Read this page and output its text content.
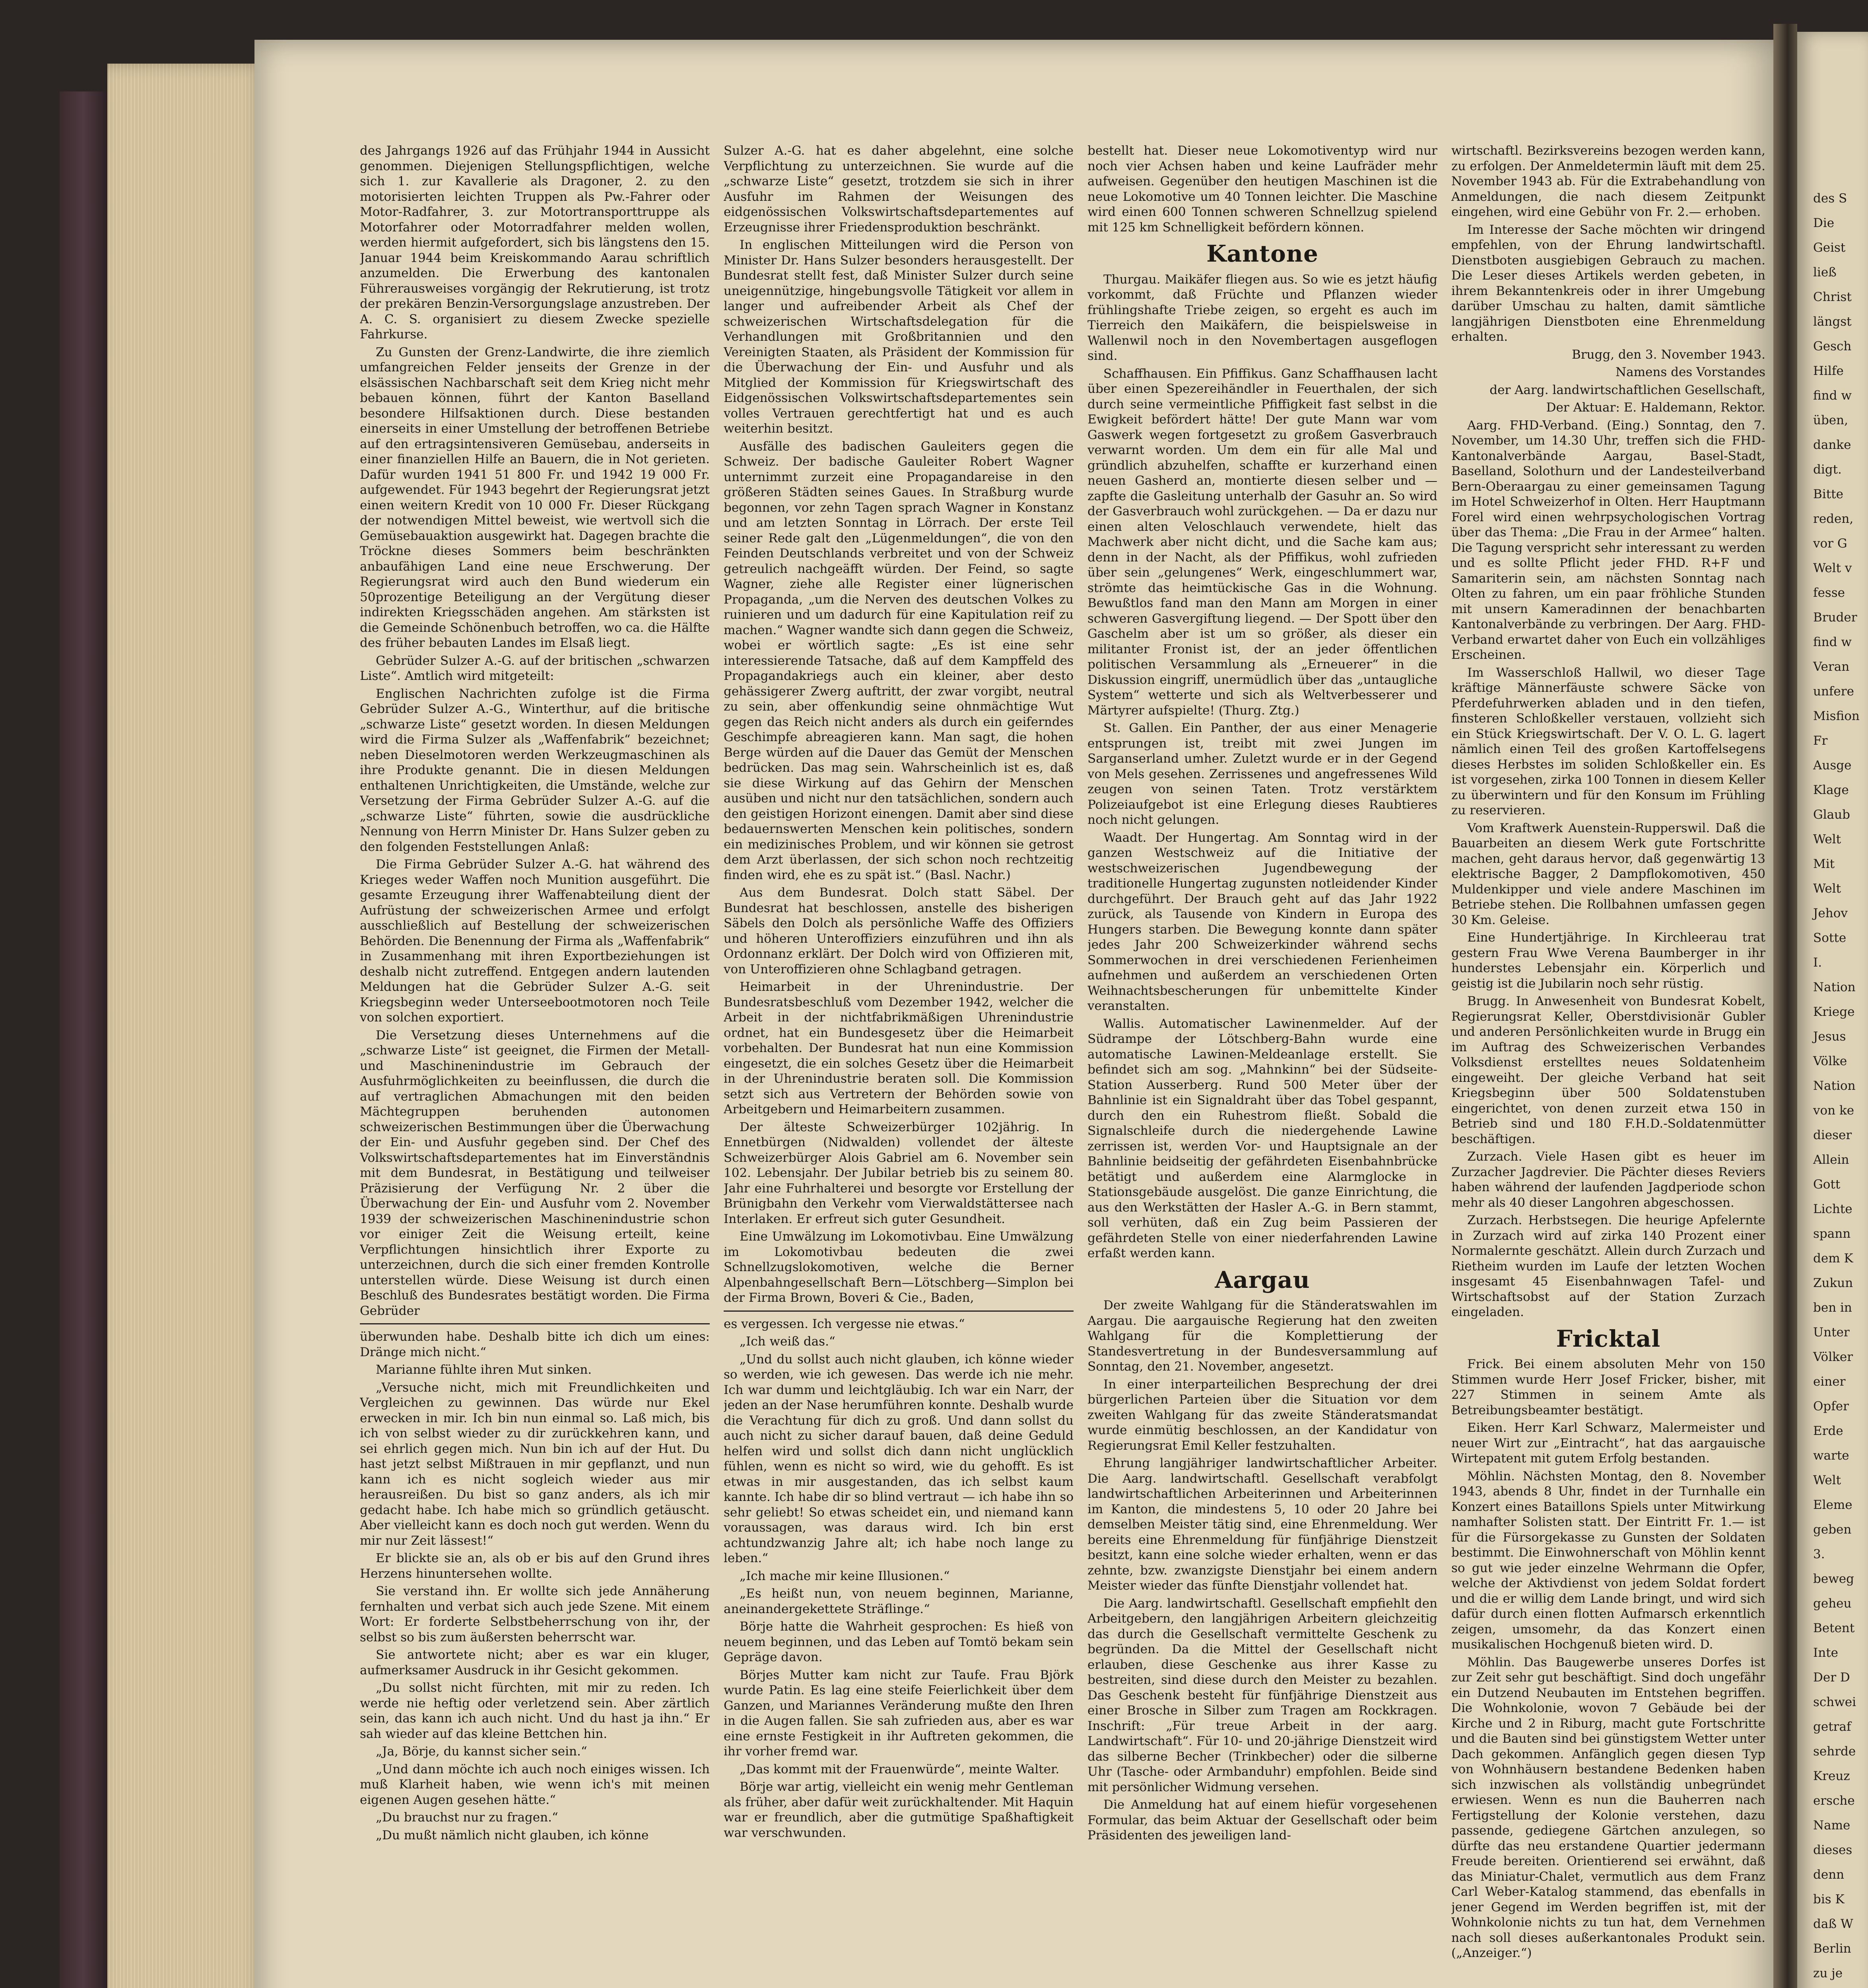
des Jahrgangs 1926 auf das Frühjahr 1944 in Aussicht genommen. Diejenigen Stellungspflichtigen, welche sich 1. zur Kavallerie als Dragoner, 2. zu den motorisierten leichten Truppen als Pw.-Fahrer oder Motor-Radfahrer, 3. zur Motortransporttruppe als Motorfahrer oder Motorradfahrer melden wollen, werden hiermit aufgefordert, sich bis längstens den 15. Januar 1944 beim Kreiskommando Aarau schriftlich anzumelden. Die Erwerbung des kantonalen Führerausweises vorgängig der Rekrutierung, ist trotz der prekären Benzin-Versorgungslage anzustreben. Der A. C. S. organisiert zu diesem Zwecke spezielle Fahrkurse.

Zu Gunsten der Grenz-Landwirte, die ihre ziemlich umfangreichen Felder jenseits der Grenze in der elsässischen Nachbarschaft seit dem Krieg nicht mehr bebauen können, führt der Kanton Baselland besondere Hilfsaktionen durch. Diese bestanden einerseits in einer Umstellung der betroffenen Betriebe auf den ertragsintensiveren Gemüsebau, anderseits in einer finanziellen Hilfe an Bauern, die in Not gerieten. Dafür wurden 1941 51 800 Fr. und 1942 19 000 Fr. aufgewendet. Für 1943 begehrt der Regierungsrat jetzt einen weitern Kredit von 10 000 Fr. Dieser Rückgang der notwendigen Mittel beweist, wie wertvoll sich die Gemüsebauaktion ausgewirkt hat. Dagegen brachte die Tröckne dieses Sommers beim beschränkten anbaufähigen Land eine neue Erschwerung. Der Regierungsrat wird auch den Bund wiederum ein 50prozentige Beteiligung an der Vergütung dieser indirekten Kriegsschäden angehen. Am stärksten ist die Gemeinde Schönenbuch betroffen, wo ca. die Hälfte des früher bebauten Landes im Elsaß liegt.

Gebrüder Sulzer A.-G. auf der britischen „schwarzen Liste“. Amtlich wird mitgeteilt:

Englischen Nachrichten zufolge ist die Firma Gebrüder Sulzer A.-G., Winterthur, auf die britische „schwarze Liste“ gesetzt worden. In diesen Meldungen wird die Firma Sulzer als „Waffenfabrik“ bezeichnet; neben Dieselmotoren werden Werkzeugmaschinen als ihre Produkte genannt. Die in diesen Meldungen enthaltenen Unrichtigkeiten, die Umstände, welche zur Versetzung der Firma Gebrüder Sulzer A.-G. auf die „schwarze Liste“ führten, sowie die ausdrückliche Nennung von Herrn Minister Dr. Hans Sulzer geben zu den folgenden Feststellungen Anlaß:

Die Firma Gebrüder Sulzer A.-G. hat während des Krieges weder Waffen noch Munition ausgeführt. Die gesamte Erzeugung ihrer Waffenabteilung dient der Aufrüstung der schweizerischen Armee und erfolgt ausschließlich auf Bestellung der schweizerischen Behörden. Die Benennung der Firma als „Waffenfabrik“ in Zusammenhang mit ihren Exportbeziehungen ist deshalb nicht zutreffend. Entgegen andern lautenden Meldungen hat die Gebrüder Sulzer A.-G. seit Kriegsbeginn weder Unterseebootmotoren noch Teile von solchen exportiert.

Die Versetzung dieses Unternehmens auf die „schwarze Liste“ ist geeignet, die Firmen der Metall- und Maschinenindustrie im Gebrauch der Ausfuhrmöglichkeiten zu beeinflussen, die durch die auf vertraglichen Abmachungen mit den beiden Mächtegruppen beruhenden autonomen schweizerischen Bestimmungen über die Überwachung der Ein- und Ausfuhr gegeben sind. Der Chef des Volkswirtschaftsdepartementes hat im Einverständnis mit dem Bundesrat, in Bestätigung und teilweiser Präzisierung der Verfügung Nr. 2 über die Überwachung der Ein- und Ausfuhr vom 2. November 1939 der schweizerischen Maschinenindustrie schon vor einiger Zeit die Weisung erteilt, keine Verpflichtungen hinsichtlich ihrer Exporte zu unterzeichnen, durch die sich einer fremden Kontrolle unterstellen würde. Diese Weisung ist durch einen Beschluß des Bundesrates bestätigt worden. Die Firma Gebrüder

überwunden habe. Deshalb bitte ich dich um eines: Dränge mich nicht.“

Marianne fühlte ihren Mut sinken.

„Versuche nicht, mich mit Freundlichkeiten und Vergleichen zu gewinnen. Das würde nur Ekel erwecken in mir. Ich bin nun einmal so. Laß mich, bis ich von selbst wieder zu dir zurückkehren kann, und sei ehrlich gegen mich. Nun bin ich auf der Hut. Du hast jetzt selbst Mißtrauen in mir gepflanzt, und nun kann ich es nicht sogleich wieder aus mir herausreißen. Du bist so ganz anders, als ich mir gedacht habe. Ich habe mich so gründlich getäuscht. Aber vielleicht kann es doch noch gut werden. Wenn du mir nur Zeit lässest!“

Er blickte sie an, als ob er bis auf den Grund ihres Herzens hinuntersehen wollte.

Sie verstand ihn. Er wollte sich jede Annäherung fernhalten und verbat sich auch jede Szene. Mit einem Wort: Er forderte Selbstbeherrschung von ihr, der selbst so bis zum äußersten beherrscht war.

Sie antwortete nicht; aber es war ein kluger, aufmerksamer Ausdruck in ihr Gesicht gekommen.

„Du sollst nicht fürchten, mit mir zu reden. Ich werde nie heftig oder verletzend sein. Aber zärtlich sein, das kann ich auch nicht. Und du hast ja ihn.“ Er sah wieder auf das kleine Bettchen hin.

„Ja, Börje, du kannst sicher sein.“

„Und dann möchte ich auch noch einiges wissen. Ich muß Klarheit haben, wie wenn ich's mit meinen eigenen Augen gesehen hätte.“

„Du brauchst nur zu fragen.“

„Du mußt nämlich nicht glauben, ich könne

Sulzer A.-G. hat es daher abgelehnt, eine solche Verpflichtung zu unterzeichnen. Sie wurde auf die „schwarze Liste“ gesetzt, trotzdem sie sich in ihrer Ausfuhr im Rahmen der Weisungen des eidgenössischen Volkswirtschaftsdepartementes auf Erzeugnisse ihrer Friedensproduktion beschränkt.

In englischen Mitteilungen wird die Person von Minister Dr. Hans Sulzer besonders herausgestellt. Der Bundesrat stellt fest, daß Minister Sulzer durch seine uneigennützige, hingebungsvolle Tätigkeit vor allem in langer und aufreibender Arbeit als Chef der schweizerischen Wirtschaftsdelegation für die Verhandlungen mit Großbritannien und den Vereinigten Staaten, als Präsident der Kommission für die Überwachung der Ein- und Ausfuhr und als Mitglied der Kommission für Kriegswirtschaft des Eidgenössischen Volkswirtschaftsdepartementes sein volles Vertrauen gerechtfertigt hat und es auch weiterhin besitzt.

Ausfälle des badischen Gauleiters gegen die Schweiz. Der badische Gauleiter Robert Wagner unternimmt zurzeit eine Propagandareise in den größeren Städten seines Gaues. In Straßburg wurde begonnen, vor zehn Tagen sprach Wagner in Konstanz und am letzten Sonntag in Lörrach. Der erste Teil seiner Rede galt den „Lügenmeldungen“, die von den Feinden Deutschlands verbreitet und von der Schweiz getreulich nachgeäfft würden. Der Feind, so sagte Wagner, ziehe alle Register einer lügnerischen Propaganda, „um die Nerven des deutschen Volkes zu ruinieren und um dadurch für eine Kapitulation reif zu machen.“ Wagner wandte sich dann gegen die Schweiz, wobei er wörtlich sagte: „Es ist eine sehr interessierende Tatsache, daß auf dem Kampffeld des Propagandakriegs auch ein kleiner, aber desto gehässigerer Zwerg auftritt, der zwar vorgibt, neutral zu sein, aber offenkundig seine ohnmächtige Wut gegen das Reich nicht anders als durch ein geiferndes Geschimpfe abreagieren kann. Man sagt, die hohen Berge würden auf die Dauer das Gemüt der Menschen bedrücken. Das mag sein. Wahrscheinlich ist es, daß sie diese Wirkung auf das Gehirn der Menschen ausüben und nicht nur den tatsächlichen, sondern auch den geistigen Horizont einengen. Damit aber sind diese bedauernswerten Menschen kein politisches, sondern ein medizinisches Problem, und wir können sie getrost dem Arzt überlassen, der sich schon noch rechtzeitig finden wird, ehe es zu spät ist.“ (Basl. Nachr.)

Aus dem Bundesrat. Dolch statt Säbel. Der Bundesrat hat beschlossen, anstelle des bisherigen Säbels den Dolch als persönliche Waffe des Offiziers und höheren Unteroffiziers einzuführen und ihn als Ordonnanz erklärt. Der Dolch wird von Offizieren mit, von Unteroffizieren ohne Schlagband getragen.

Heimarbeit in der Uhrenindustrie. Der Bundesratsbeschluß vom Dezember 1942, welcher die Arbeit in der nichtfabrikmäßigen Uhrenindustrie ordnet, hat ein Bundesgesetz über die Heimarbeit vorbehalten. Der Bundesrat hat nun eine Kommission eingesetzt, die ein solches Gesetz über die Heimarbeit in der Uhrenindustrie beraten soll. Die Kommission setzt sich aus Vertretern der Behörden sowie von Arbeitgebern und Heimarbeitern zusammen.

Der älteste Schweizerbürger 102jährig. In Ennetbürgen (Nidwalden) vollendet der älteste Schweizerbürger Alois Gabriel am 6. November sein 102. Lebensjahr. Der Jubilar betrieb bis zu seinem 80. Jahr eine Fuhrhalterei und besorgte vor Erstellung der Brünigbahn den Verkehr vom Vierwaldstättersee nach Interlaken. Er erfreut sich guter Gesundheit.

Eine Umwälzung im Lokomotivbau. Eine Umwälzung im Lokomotivbau bedeuten die zwei Schnellzugslokomotiven, welche die Berner Alpenbahngesellschaft Bern—Lötschberg—Simplon bei der Firma Brown, Boveri & Cie., Baden,

es vergessen. Ich vergesse nie etwas.“

„Ich weiß das.“

„Und du sollst auch nicht glauben, ich könne wieder so werden, wie ich gewesen. Das werde ich nie mehr. Ich war dumm und leichtgläubig. Ich war ein Narr, der jeden an der Nase herumführen konnte. Deshalb wurde die Verachtung für dich zu groß. Und dann sollst du auch nicht zu sicher darauf bauen, daß deine Geduld helfen wird und sollst dich dann nicht unglücklich fühlen, wenn es nicht so wird, wie du gehofft. Es ist etwas in mir ausgestanden, das ich selbst kaum kannte. Ich habe dir so blind vertraut — ich habe ihn so sehr geliebt! So etwas scheidet ein, und niemand kann voraussagen, was daraus wird. Ich bin erst achtundzwanzig Jahre alt; ich habe noch lange zu leben.“

„Ich mache mir keine Illusionen.“

„Es heißt nun, von neuem beginnen, Marianne, aneinandergekettete Sträflinge.“

Börje hatte die Wahrheit gesprochen: Es hieß von neuem beginnen, und das Leben auf Tomtö bekam sein Gepräge davon.

Börjes Mutter kam nicht zur Taufe. Frau Björk wurde Patin. Es lag eine steife Feierlichkeit über dem Ganzen, und Mariannes Veränderung mußte den Ihren in die Augen fallen. Sie sah zufrieden aus, aber es war eine ernste Festigkeit in ihr Auftreten gekommen, die ihr vorher fremd war.

„Das kommt mit der Frauenwürde“, meinte Walter.

Börje war artig, vielleicht ein wenig mehr Gentleman als früher, aber dafür weit zurückhaltender. Mit Haquin war er freundlich, aber die gutmütige Spaßhaftigkeit war verschwunden.

bestellt hat. Dieser neue Lokomotiventyp wird nur noch vier Achsen haben und keine Laufräder mehr aufweisen. Gegenüber den heutigen Maschinen ist die neue Lokomotive um 40 Tonnen leichter. Die Maschine wird einen 600 Tonnen schweren Schnellzug spielend mit 125 km Schnelligkeit befördern können.

Kantone

Thurgau. Maikäfer fliegen aus. So wie es jetzt häufig vorkommt, daß Früchte und Pflanzen wieder frühlingshafte Triebe zeigen, so ergeht es auch im Tierreich den Maikäfern, die beispielsweise in Wallenwil noch in den Novembertagen ausgeflogen sind.

Schaffhausen. Ein Pfiffikus. Ganz Schaffhausen lacht über einen Spezereihändler in Feuerthalen, der sich durch seine vermeintliche Pfiffigkeit fast selbst in die Ewigkeit befördert hätte! Der gute Mann war vom Gaswerk wegen fortgesetzt zu großem Gasverbrauch verwarnt worden. Um dem ein für alle Mal und gründlich abzuhelfen, schaffte er kurzerhand einen neuen Gasherd an, montierte diesen selber und — zapfte die Gasleitung unterhalb der Gasuhr an. So wird der Gasverbrauch wohl zurückgehen. — Da er dazu nur einen alten Veloschlauch verwendete, hielt das Machwerk aber nicht dicht, und die Sache kam aus; denn in der Nacht, als der Pfiffikus, wohl zufrieden über sein „gelungenes“ Werk, eingeschlummert war, strömte das heimtückische Gas in die Wohnung. Bewußtlos fand man den Mann am Morgen in einer schweren Gasvergiftung liegend. — Der Spott über den Gaschelm aber ist um so größer, als dieser ein militanter Fronist ist, der an jeder öffentlichen politischen Versammlung als „Erneuerer“ in die Diskussion eingriff, unermüdlich über das „untaugliche System“ wetterte und sich als Weltverbesserer und Märtyrer aufspielte! (Thurg. Ztg.)

St. Gallen. Ein Panther, der aus einer Menagerie entsprungen ist, treibt mit zwei Jungen im Sarganserland umher. Zuletzt wurde er in der Gegend von Mels gesehen. Zerrissenes und angefressenes Wild zeugen von seinen Taten. Trotz verstärktem Polizeiaufgebot ist eine Erlegung dieses Raubtieres noch nicht gelungen.

Waadt. Der Hungertag. Am Sonntag wird in der ganzen Westschweiz auf die Initiative der westschweizerischen Jugendbewegung der traditionelle Hungertag zugunsten notleidender Kinder durchgeführt. Der Brauch geht auf das Jahr 1922 zurück, als Tausende von Kindern in Europa des Hungers starben. Die Bewegung konnte dann später jedes Jahr 200 Schweizerkinder während sechs Sommerwochen in drei verschiedenen Ferienheimen aufnehmen und außerdem an verschiedenen Orten Weihnachtsbescherungen für unbemittelte Kinder veranstalten.

Wallis. Automatischer Lawinenmelder. Auf der Südrampe der Lötschberg-Bahn wurde eine automatische Lawinen-Meldeanlage erstellt. Sie befindet sich am sog. „Mahnkinn“ bei der Südseite-Station Ausserberg. Rund 500 Meter über der Bahnlinie ist ein Signaldraht über das Tobel gespannt, durch den ein Ruhestrom fließt. Sobald die Signalschleife durch die niedergehende Lawine zerrissen ist, werden Vor- und Hauptsignale an der Bahnlinie beidseitig der gefährdeten Eisenbahnbrücke betätigt und außerdem eine Alarmglocke in Stationsgebäude ausgelöst. Die ganze Einrichtung, die aus den Werkstätten der Hasler A.-G. in Bern stammt, soll verhüten, daß ein Zug beim Passieren der gefährdeten Stelle von einer niederfahrenden Lawine erfaßt werden kann.

Aargau

Der zweite Wahlgang für die Ständeratswahlen im Aargau. Die aargauische Regierung hat den zweiten Wahlgang für die Komplettierung der Standesvertretung in der Bundesversammlung auf Sonntag, den 21. November, angesetzt.

In einer interparteilichen Besprechung der drei bürgerlichen Parteien über die Situation vor dem zweiten Wahlgang für das zweite Ständeratsmandat wurde einmütig beschlossen, an der Kandidatur von Regierungsrat Emil Keller festzuhalten.

Ehrung langjähriger landwirtschaftlicher Arbeiter. Die Aarg. landwirtschaftl. Gesellschaft verabfolgt landwirtschaftlichen Arbeiterinnen und Arbeiterinnen im Kanton, die mindestens 5, 10 oder 20 Jahre bei demselben Meister tätig sind, eine Ehrenmeldung. Wer bereits eine Ehrenmeldung für fünfjährige Dienstzeit besitzt, kann eine solche wieder erhalten, wenn er das zehnte, bzw. zwanzigste Dienstjahr bei einem andern Meister wieder das fünfte Dienstjahr vollendet hat.

Die Aarg. landwirtschaftl. Gesellschaft empfiehlt den Arbeitgebern, den langjährigen Arbeitern gleichzeitig das durch die Gesellschaft vermittelte Geschenk zu begründen. Da die Mittel der Gesellschaft nicht erlauben, diese Geschenke aus ihrer Kasse zu bestreiten, sind diese durch den Meister zu bezahlen. Das Geschenk besteht für fünfjährige Dienstzeit aus einer Brosche in Silber zum Tragen am Rockkragen. Inschrift: „Für treue Arbeit in der aarg. Landwirtschaft“. Für 10- und 20-jährige Dienstzeit wird das silberne Becher (Trinkbecher) oder die silberne Uhr (Tasche- oder Armbanduhr) empfohlen. Beide sind mit persönlicher Widmung versehen.

Die Anmeldung hat auf einem hiefür vorgesehenen Formular, das beim Aktuar der Gesellschaft oder beim Präsidenten des jeweiligen land-

wirtschaftl. Bezirksvereins bezogen werden kann, zu erfolgen. Der Anmeldetermin läuft mit dem 25. November 1943 ab. Für die Extrabehandlung von Anmeldungen, die nach diesem Zeitpunkt eingehen, wird eine Gebühr von Fr. 2.— erhoben.

Im Interesse der Sache möchten wir dringend empfehlen, von der Ehrung landwirtschaftl. Dienstboten ausgiebigen Gebrauch zu machen. Die Leser dieses Artikels werden gebeten, in ihrem Bekanntenkreis oder in ihrer Umgebung darüber Umschau zu halten, damit sämtliche langjährigen Dienstboten eine Ehrenmeldung erhalten.

Brugg, den 3. November 1943.

Namens des Vorstandes

der Aarg. landwirtschaftlichen Gesellschaft,

Der Aktuar: E. Haldemann, Rektor.

Aarg. FHD-Verband. (Eing.) Sonntag, den 7. November, um 14.30 Uhr, treffen sich die FHD-Kantonalverbände Aargau, Basel-Stadt, Baselland, Solothurn und der Landesteilverband Bern-Oberaargau zu einer gemeinsamen Tagung im Hotel Schweizerhof in Olten. Herr Hauptmann Forel wird einen wehrpsychologischen Vortrag über das Thema: „Die Frau in der Armee“ halten. Die Tagung verspricht sehr interessant zu werden und es sollte Pflicht jeder FHD. R+F und Samariterin sein, am nächsten Sonntag nach Olten zu fahren, um ein paar fröhliche Stunden mit unsern Kameradinnen der benachbarten Kantonalverbände zu verbringen. Der Aarg. FHD-Verband erwartet daher von Euch ein vollzähliges Erscheinen.

Im Wasserschloß Hallwil, wo dieser Tage kräftige Männerfäuste schwere Säcke von Pferdefuhrwerken abladen und in den tiefen, finsteren Schloßkeller verstauen, vollzieht sich ein Stück Kriegswirtschaft. Der V. O. L. G. lagert nämlich einen Teil des großen Kartoffelsegens dieses Herbstes im soliden Schloßkeller ein. Es ist vorgesehen, zirka 100 Tonnen in diesem Keller zu überwintern und für den Konsum im Frühling zu reservieren.

Vom Kraftwerk Auenstein-Rupperswil. Daß die Bauarbeiten an diesem Werk gute Fortschritte machen, geht daraus hervor, daß gegenwärtig 13 elektrische Bagger, 2 Dampflokomotiven, 450 Muldenkipper und viele andere Maschinen im Betriebe stehen. Die Rollbahnen umfassen gegen 30 Km. Geleise.

Eine Hundertjährige. In Kirchleerau trat gestern Frau Wwe Verena Baumberger in ihr hunderstes Lebensjahr ein. Körperlich und geistig ist die Jubilarin noch sehr rüstig.

Brugg. In Anwesenheit von Bundesrat Kobelt, Regierungsrat Keller, Oberstdivisionär Gubler und anderen Persönlichkeiten wurde in Brugg ein im Auftrag des Schweizerischen Verbandes Volksdienst erstelltes neues Soldatenheim eingeweiht. Der gleiche Verband hat seit Kriegsbeginn über 500 Soldatenstuben eingerichtet, von denen zurzeit etwa 150 in Betrieb sind und 180 F.H.D.-Soldatenmütter beschäftigen.

Zurzach. Viele Hasen gibt es heuer im Zurzacher Jagdrevier. Die Pächter dieses Reviers haben während der laufenden Jagdperiode schon mehr als 40 dieser Langohren abgeschossen.

Zurzach. Herbstsegen. Die heurige Apfelernte in Zurzach wird auf zirka 140 Prozent einer Normalernte geschätzt. Allein durch Zurzach und Rietheim wurden im Laufe der letzten Wochen insgesamt 45 Eisenbahnwagen Tafel- und Wirtschaftsobst auf der Station Zurzach eingeladen.

Fricktal

Frick. Bei einem absoluten Mehr von 150 Stimmen wurde Herr Josef Fricker, bisher, mit 227 Stimmen in seinem Amte als Betreibungsbeamter bestätigt.

Eiken. Herr Karl Schwarz, Malermeister und neuer Wirt zur „Eintracht“, hat das aargauische Wirtepatent mit gutem Erfolg bestanden.

Möhlin. Nächsten Montag, den 8. November 1943, abends 8 Uhr, findet in der Turnhalle ein Konzert eines Bataillons Spiels unter Mitwirkung namhafter Solisten statt. Der Eintritt Fr. 1.— ist für die Fürsorgekasse zu Gunsten der Soldaten bestimmt. Die Einwohnerschaft von Möhlin kennt so gut wie jeder einzelne Wehrmann die Opfer, welche der Aktivdienst von jedem Soldat fordert und die er willig dem Lande bringt, und wird sich dafür durch einen flotten Aufmarsch erkenntlich zeigen, umsomehr, da das Konzert einen musikalischen Hochgenuß bieten wird. D.

Möhlin. Das Baugewerbe unseres Dorfes ist zur Zeit sehr gut beschäftigt. Sind doch ungefähr ein Dutzend Neubauten im Entstehen begriffen. Die Wohnkolonie, wovon 7 Gebäude bei der Kirche und 2 in Riburg, macht gute Fortschritte und die Bauten sind bei günstigstem Wetter unter Dach gekommen. Anfänglich gegen diesen Typ von Wohnhäusern bestandene Bedenken haben sich inzwischen als vollständig unbegründet erwiesen. Wenn es nun die Bauherren nach Fertigstellung der Kolonie verstehen, dazu passende, gediegene Gärtchen anzulegen, so dürfte das neu erstandene Quartier jedermann Freude bereiten. Orientierend sei erwähnt, daß das Miniatur-Chalet, vermutlich aus dem Franz Carl Weber-Katalog stammend, das ebenfalls in jener Gegend im Werden begriffen ist, mit der Wohnkolonie nichts zu tun hat, dem Vernehmen nach soll dieses außerkantonales Produkt sein. („Anzeiger.“)

des S
Die
Geist
ließ
Christ
längst
Gesch
Hilfe
find w
üben,
danke
digt.
Bitte
reden,
vor G
Welt v
fesse
Bruder
find w
Veran
unfere
Misfion
Fr
Ausge
Klage
Glaub
Welt
Mit
Welt
Jehov
Sotte
I.
Nation
Kriege
Jesus
Völke
Nation
von ke
dieser
Allein
Gott
Lichte
spann
dem K
Zukun
ben in
Unter
Völker
einer
Opfer
Erde
warte
Welt
Eleme
geben
3.
beweg
geheu
Betent
Inte
Der D
schwei
getraf
sehrde
Kreuz
ersche
Name
dieses
denn
bis K
daß W
Berlin
zu je
